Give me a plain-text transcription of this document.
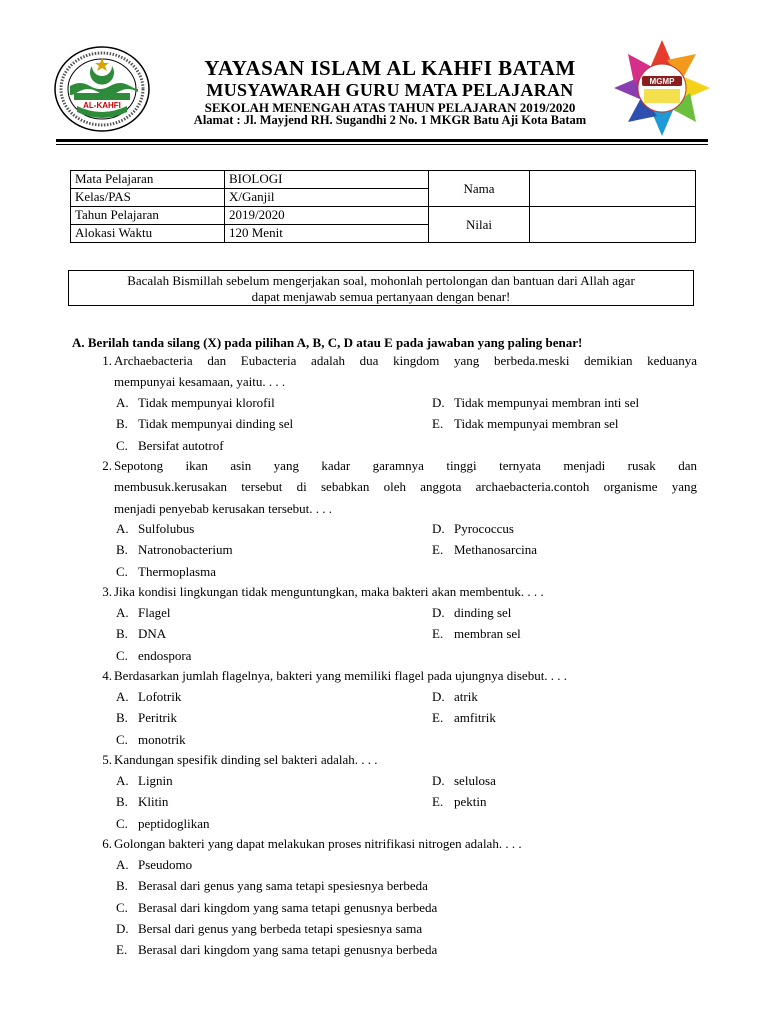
AL-KAHFI
YAYASAN ISLAM AL KAHFI BATAM
MUSYAWARAH GURU MATA PELAJARAN
SEKOLAH MENENGAH ATAS TAHUN PELAJARAN 2019/2020
Alamat : Jl. Mayjend RH. Sugandhi 2 No. 1 MKGR Batu Aji Kota Batam
MGMP
Mata Pelajaran	BIOLOGI	Nama	
Kelas/PAS	X/Ganjil		
Tahun Pelajaran	2019/2020	Nilai	
Alokasi Waktu	120 Menit		
Bacalah Bismillah sebelum mengerjakan soal, mohonlah pertolongan dan bantuan dari Allah agar
dapat menjawab semua pertanyaan dengan benar!
A. Berilah tanda silang (X) pada pilihan A, B, C, D atau E pada jawaban yang paling benar!
1. Archaebacteria dan Eubacteria adalah dua kingdom yang berbeda.meski demikian keduanya
mempunyai kesamaan, yaitu. . . .
A. Tidak mempunyai klorofil
B. Tidak mempunyai dinding sel
C. Bersifat autotrof
D. Tidak mempunyai membran inti sel
E. Tidak mempunyai membran sel
2. Sepotong ikan asin yang kadar garamnya tinggi ternyata menjadi rusak dan
membusuk.kerusakan tersebut di sebabkan oleh anggota archaebacteria.contoh organisme yang
menjadi penyebab kerusakan tersebut. . . .
A. Sulfolubus
B. Natronobacterium
C. Thermoplasma
D. Pyrococcus
E. Methanosarcina
3. Jika kondisi lingkungan tidak menguntungkan, maka bakteri akan membentuk. . . .
A. Flagel
B. DNA
C. endospora
D. dinding sel
E. membran sel
4. Berdasarkan jumlah flagelnya, bakteri yang memiliki flagel pada ujungnya disebut. . . .
A. Lofotrik
B. Peritrik
C. monotrik
D. atrik
E. amfitrik
5. Kandungan spesifik dinding sel bakteri adalah. . . .
A. Lignin
B. Klitin
C. peptidoglikan
D. selulosa
E. pektin
6. Golongan bakteri yang dapat melakukan proses nitrifikasi nitrogen adalah. . . .
A. Pseudomo
B. Berasal dari genus yang sama tetapi spesiesnya berbeda
C. Berasal dari kingdom yang sama tetapi genusnya berbeda
D. Bersal dari genus yang berbeda tetapi spesiesnya sama
E. Berasal dari kingdom yang sama tetapi genusnya berbeda
